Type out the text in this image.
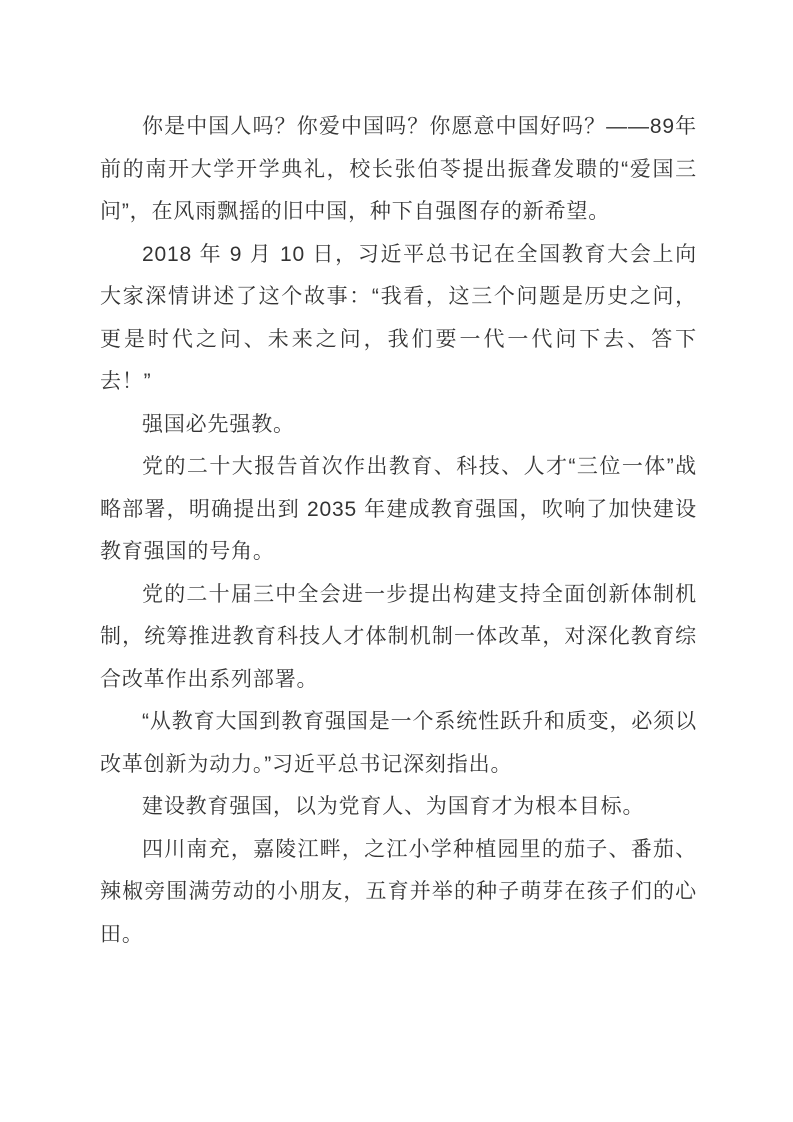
你是中国人吗？你爱中国吗？你愿意中国好吗？——89年前的南开大学开学典礼，校长张伯苓提出振聋发聩的“爱国三问”，在风雨飘摇的旧中国，种下自强图存的新希望。

2018 年 9 月 10 日，习近平总书记在全国教育大会上向大家深情讲述了这个故事：“我看，这三个问题是历史之问，更是时代之问、未来之问，我们要一代一代问下去、答下去！”

强国必先强教。

党的二十大报告首次作出教育、科技、人才“三位一体”战略部署，明确提出到 2035 年建成教育强国，吹响了加快建设教育强国的号角。

党的二十届三中全会进一步提出构建支持全面创新体制机制，统筹推进教育科技人才体制机制一体改革，对深化教育综合改革作出系列部署。

“从教育大国到教育强国是一个系统性跃升和质变，必须以改革创新为动力。”习近平总书记深刻指出。

建设教育强国，以为党育人、为国育才为根本目标。

四川南充，嘉陵江畔，之江小学种植园里的茄子、番茄、辣椒旁围满劳动的小朋友，五育并举的种子萌芽在孩子们的心田。
